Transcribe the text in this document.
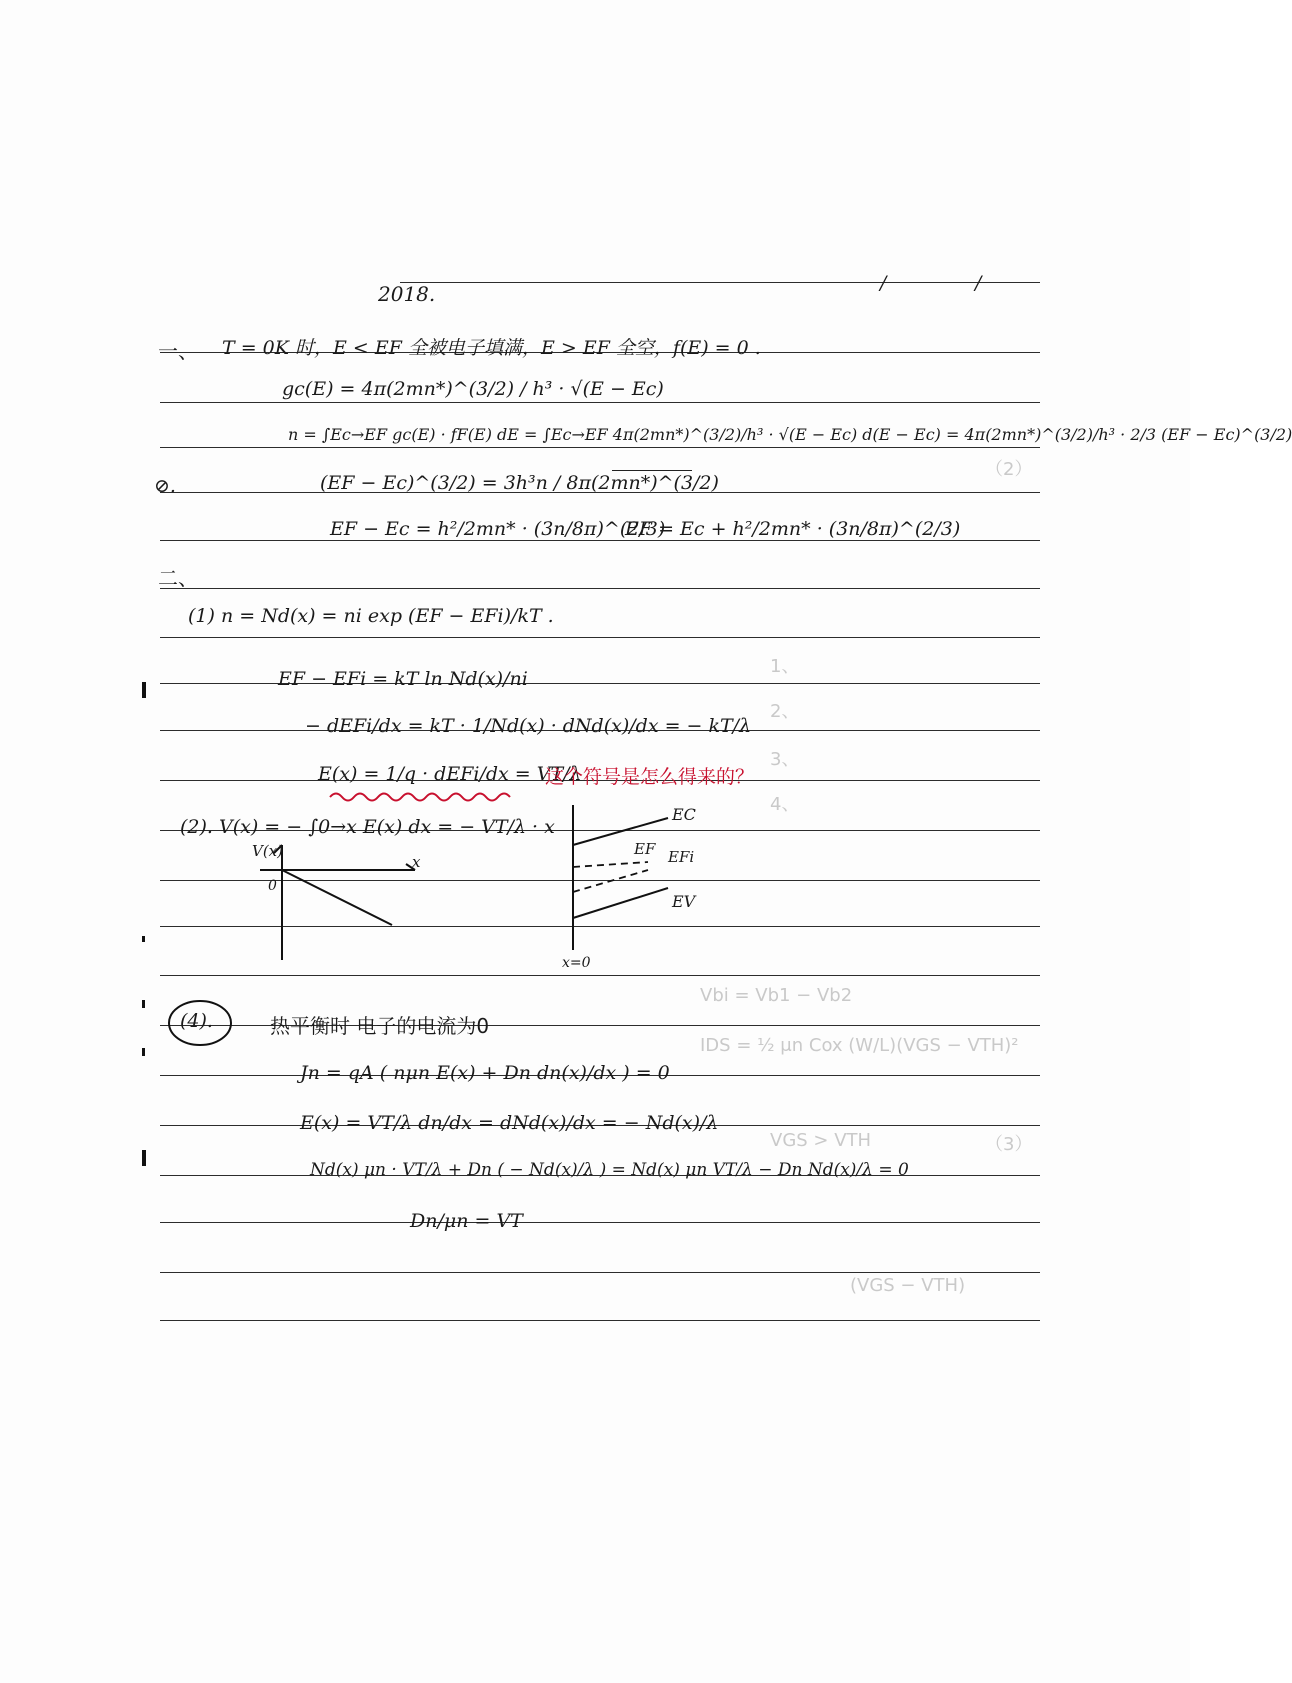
（2）
1、
2、
3、
4、
Vbi = Vb1 − Vb2
IDS = ½ μn Cox (W/L)(VGS − VTH)²
（3）
VGS > VTH
(VGS − VTH)
2018.	/	/
一、 T = 0K 时，E < EF 全被电子填满，E > EF 全空，f(E) = 0 .
gc(E) = 4π(2mn*)^(3/2) / h³ · √(E − Ec)
n = ∫Ec→EF gc(E) · fF(E) dE = ∫Ec→EF 4π(2mn*)^(3/2)/h³ · √(E − Ec) d(E − Ec) = 4π(2mn*)^(3/2)/h³ · 2/3 (EF − Ec)^(3/2)
⊘.	(EF − Ec)^(3/2) = 3h³n / 8π(2mn*)^(3/2)
EF − Ec = h²/2mn* · (3n/8π)^(2/3)
EF = Ec + h²/2mn* · (3n/8π)^(2/3)
二、
(1) n = Nd(x) = ni exp (EF − EFi)/kT .
EF − EFi = kT ln Nd(x)/ni
− dEFi/dx = kT · 1/Nd(x) · dNd(x)/dx = − kT/λ
E(x) = 1/q · dEFi/dx = VT/λ
这个符号是怎么得来的？
(2). V(x) = − ∫0→x E(x) dx = − VT/λ · x
V(x)
x
0
EC
EF EFi
EV
x=0
(4).	热平衡时 电子的电流为0
Jn = qA ( nμn E(x) + Dn dn(x)/dx ) = 0
E(x) = VT/λ dn/dx = dNd(x)/dx = − Nd(x)/λ
Nd(x) μn · VT/λ + Dn ( − Nd(x)/λ ) = Nd(x) μn VT/λ − Dn Nd(x)/λ = 0
Dn/μn = VT
